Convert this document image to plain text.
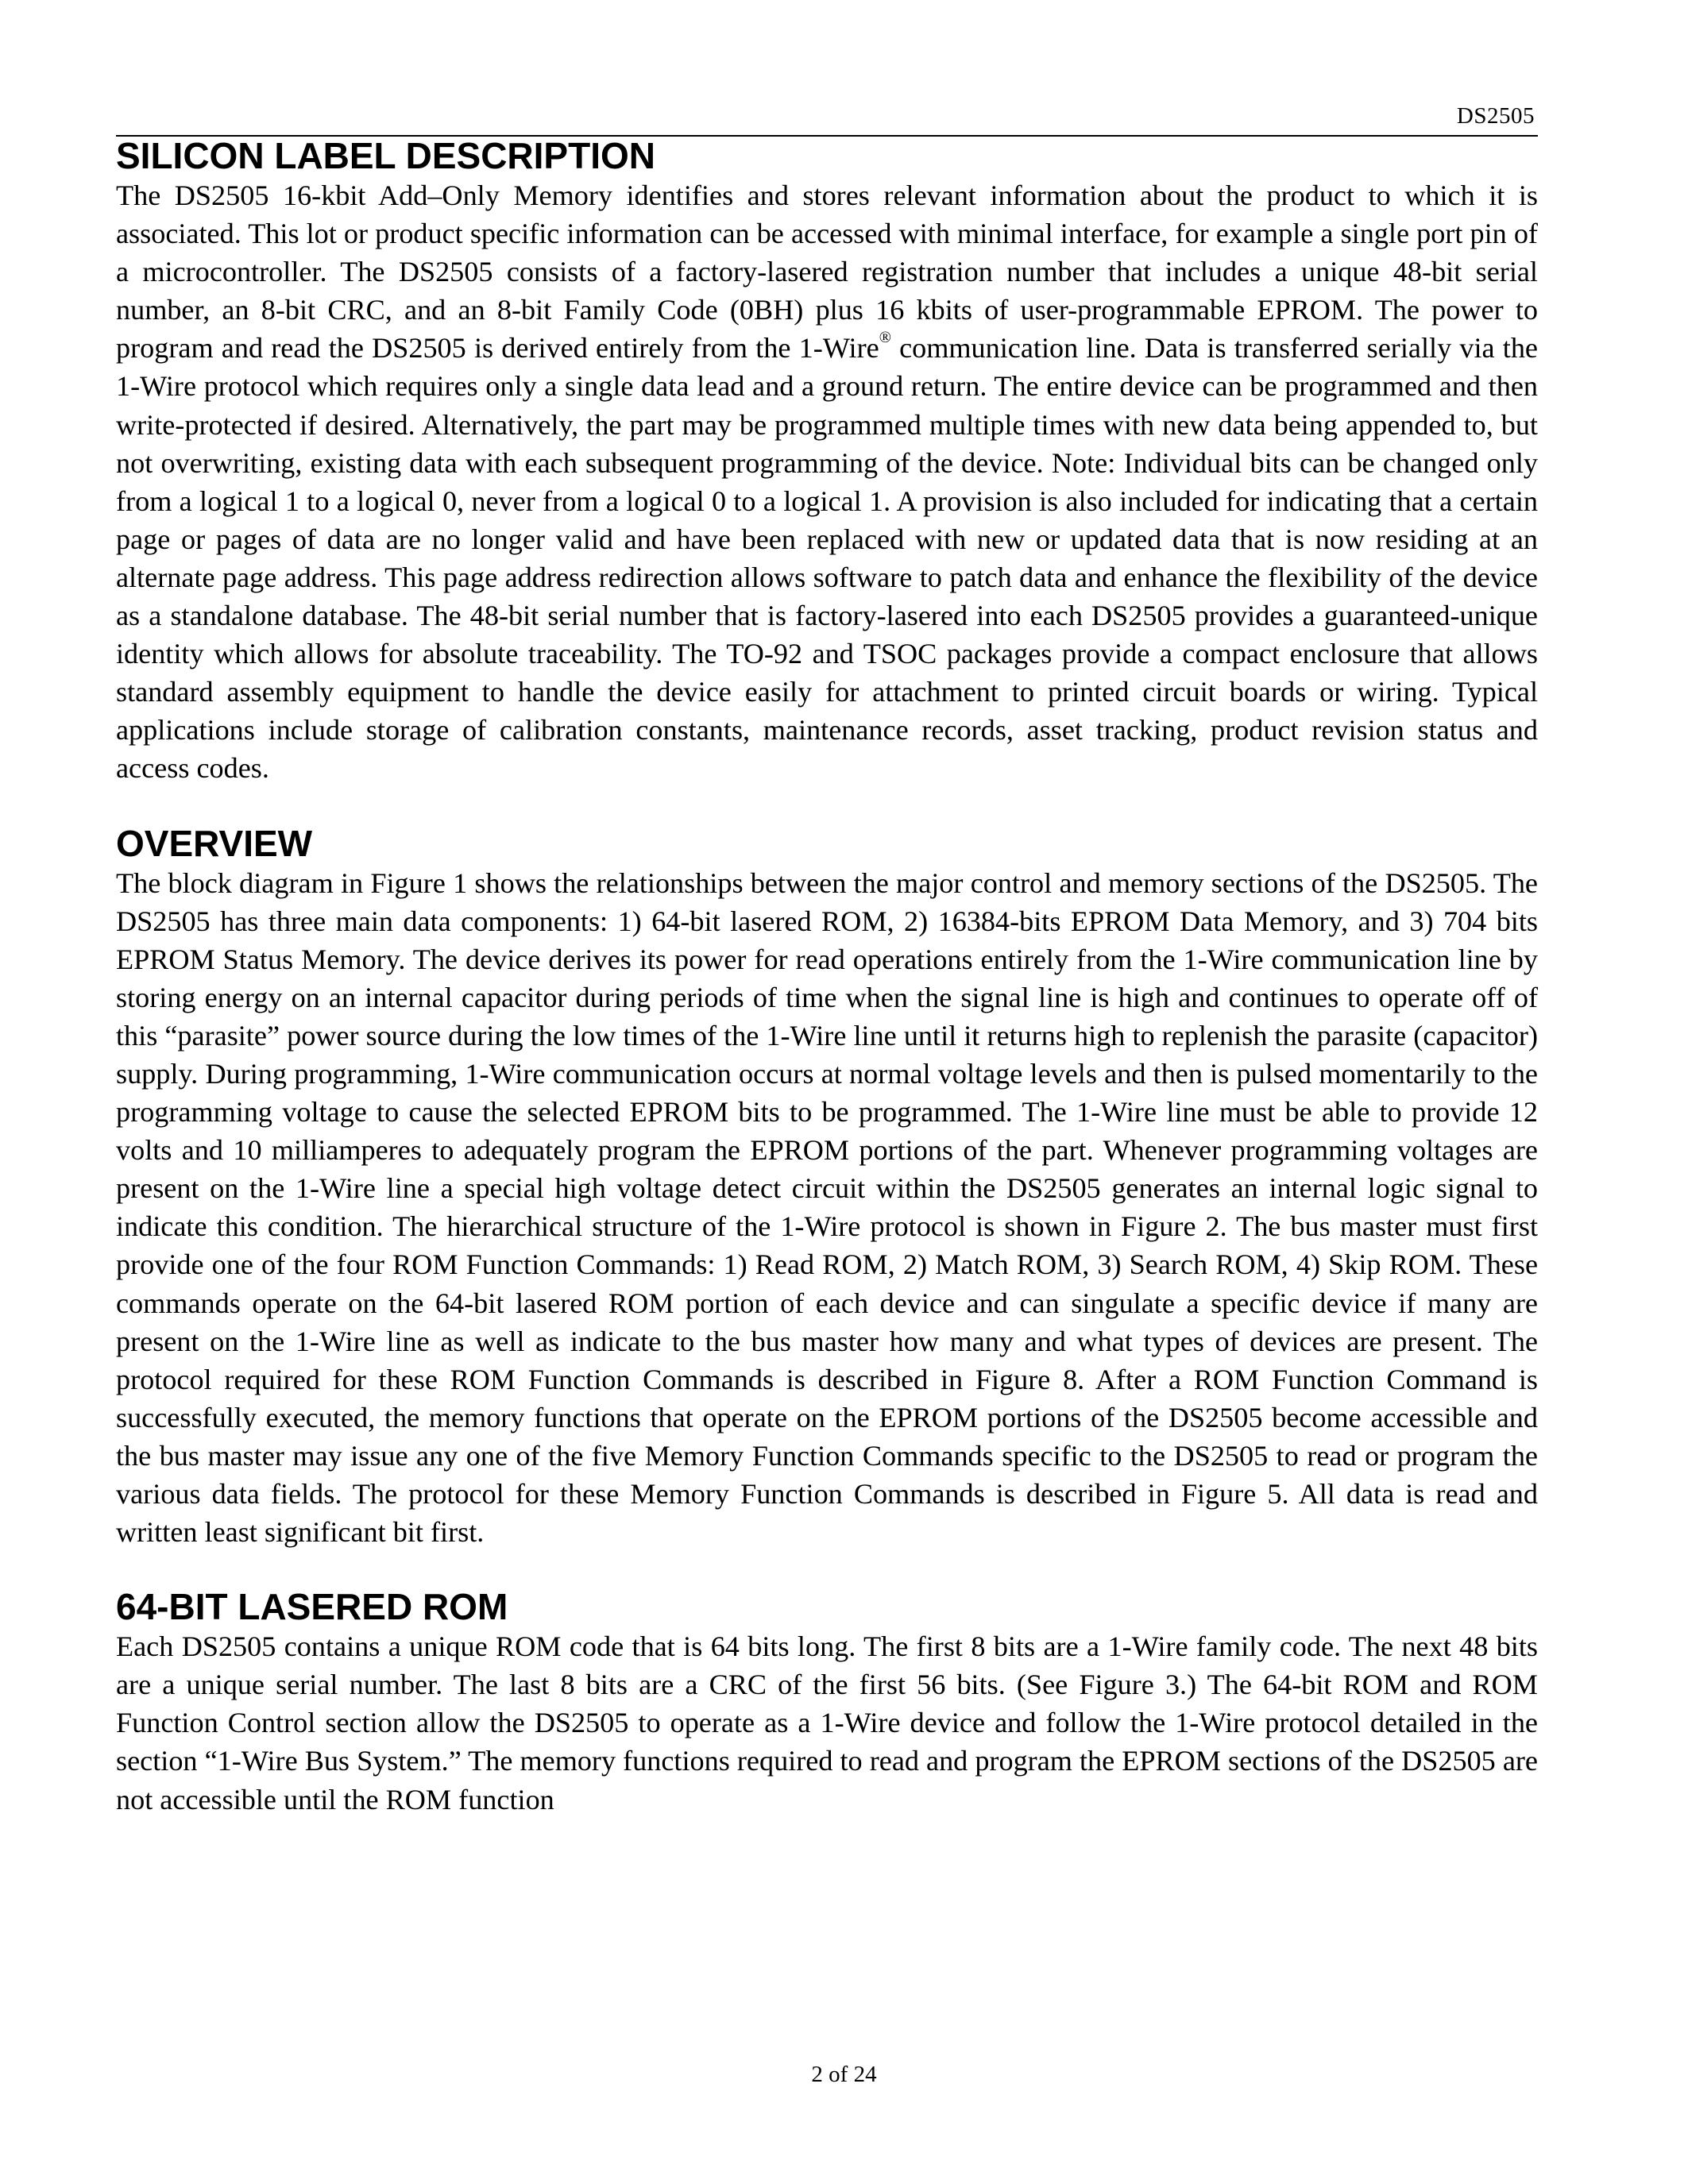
DS2505
SILICON LABEL DESCRIPTION

The DS2505 16-kbit Add–Only Memory identifies and stores relevant information about the product to which it is associated. This lot or product specific information can be accessed with minimal interface, for example a single port pin of a microcontroller. The DS2505 consists of a factory-lasered registration number that includes a unique 48-bit serial number, an 8-bit CRC, and an 8-bit Family Code (0BH) plus 16 kbits of user-programmable EPROM. The power to program and read the DS2505 is derived entirely from the 1-Wire® communication line. Data is transferred serially via the 1-Wire protocol which requires only a single data lead and a ground return. The entire device can be programmed and then write-protected if desired. Alternatively, the part may be programmed multiple times with new data being appended to, but not overwriting, existing data with each subsequent programming of the device. Note: Individual bits can be changed only from a logical 1 to a logical 0, never from a logical 0 to a logical 1. A provision is also included for indicating that a certain page or pages of data are no longer valid and have been replaced with new or updated data that is now residing at an alternate page address. This page address redirection allows software to patch data and enhance the flexibility of the device as a standalone database. The 48-bit serial number that is factory-lasered into each DS2505 provides a guaranteed-unique identity which allows for absolute traceability. The TO-92 and TSOC packages provide a compact enclosure that allows standard assembly equipment to handle the device easily for attachment to printed circuit boards or wiring. Typical applications include storage of calibration constants, maintenance records, asset tracking, product revision status and access codes.

OVERVIEW

The block diagram in Figure 1 shows the relationships between the major control and memory sections of the DS2505. The DS2505 has three main data components: 1) 64-bit lasered ROM, 2) 16384-bits EPROM Data Memory, and 3) 704 bits EPROM Status Memory. The device derives its power for read operations entirely from the 1-Wire communication line by storing energy on an internal capacitor during periods of time when the signal line is high and continues to operate off of this “parasite” power source during the low times of the 1-Wire line until it returns high to replenish the parasite (capacitor) supply. During programming, 1-Wire communication occurs at normal voltage levels and then is pulsed momentarily to the programming voltage to cause the selected EPROM bits to be programmed. The 1-Wire line must be able to provide 12 volts and 10 milliamperes to adequately program the EPROM portions of the part. Whenever programming voltages are present on the 1-Wire line a special high voltage detect circuit within the DS2505 generates an internal logic signal to indicate this condition. The hierarchical structure of the 1-Wire protocol is shown in Figure 2. The bus master must first provide one of the four ROM Function Commands: 1) Read ROM, 2) Match ROM, 3) Search ROM, 4) Skip ROM. These commands operate on the 64-bit lasered ROM portion of each device and can singulate a specific device if many are present on the 1-Wire line as well as indicate to the bus master how many and what types of devices are present. The protocol required for these ROM Function Commands is described in Figure 8. After a ROM Function Command is successfully executed, the memory functions that operate on the EPROM portions of the DS2505 become accessible and the bus master may issue any one of the five Memory Function Commands specific to the DS2505 to read or program the various data fields. The protocol for these Memory Function Commands is described in Figure 5. All data is read and written least significant bit first.

64-BIT LASERED ROM

Each DS2505 contains a unique ROM code that is 64 bits long. The first 8 bits are a 1-Wire family code. The next 48 bits are a unique serial number. The last 8 bits are a CRC of the first 56 bits. (See Figure 3.) The 64-bit ROM and ROM Function Control section allow the DS2505 to operate as a 1-Wire device and follow the 1-Wire protocol detailed in the section “1-Wire Bus System.” The memory functions required to read and program the EPROM sections of the DS2505 are not accessible until the ROM function

2 of 24
